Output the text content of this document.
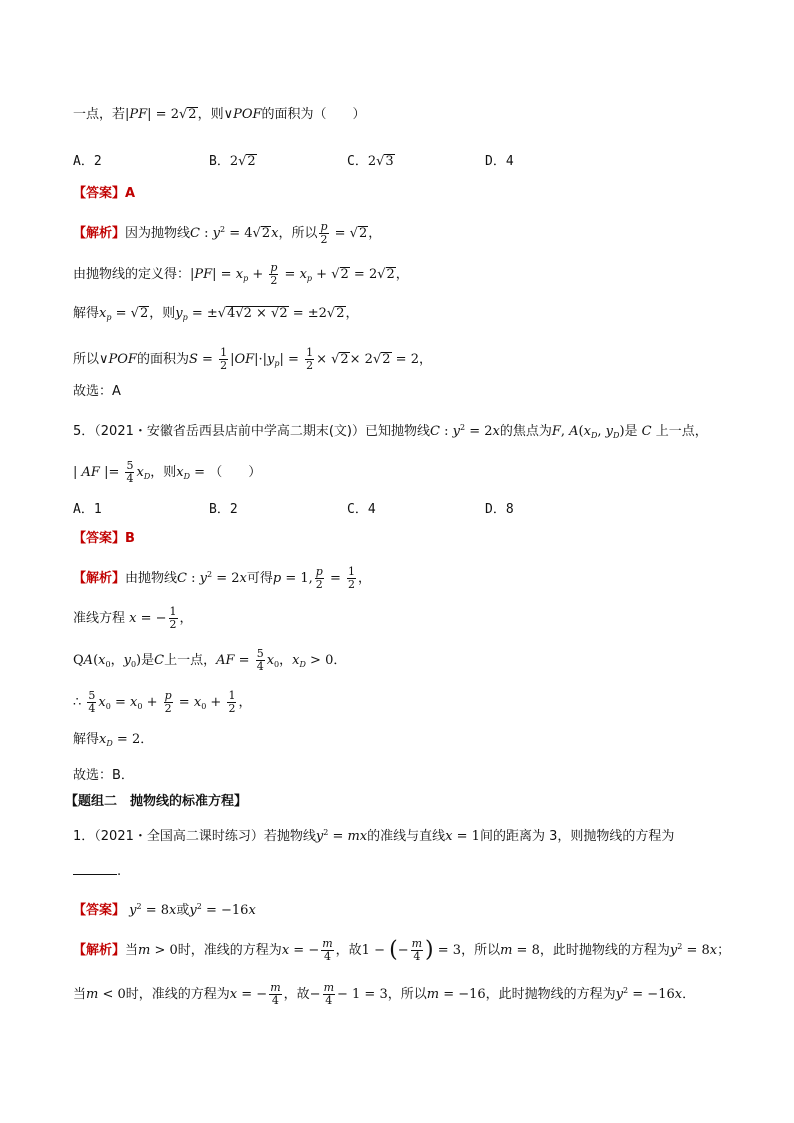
一点，若|PF| = 2√2，则∨POF的面积为（　　）
A．2	B．2√2	C．2√3	D．4
【答案】A
【解析】因为抛物线C : $y^2 = 4√2x$，所以 $\frac{p}{2} = √2$，
由抛物线的定义得：$|PF| = x_p + \frac{p}{2} = x_p + √2 = 2√2$，
解得$x_p = √2$，则$y_p = \pm√4√2 \times √2 = \pm 2√2$，
所以∨POF的面积为$S = \frac{1}{2} |OF|\cdot|y_p| = \frac{1}{2} \times √2\times 2√2 = 2$，
故选：A
5．（2021・安徽省岳西县店前中学高二期末(文)）已知抛物线C : $y^2 = 2x$的焦点为F, $A(x_D$, $y_D$)是 C 上一点，
| AF |= $\frac{5}{4} x_D$，则$x_D$ = （　　）
A．1	B．2	C．4	D．8
【答案】B
【解析】由抛物线C : $y^2 = 2x$可得p = 1, $\frac{p}{2} = \frac{1}{2}$ ，
准线方程 x = − $\frac{1}{2}$ ，
$QA(x_0$，$y_0$)是C上一点，AF = $\frac{5}{4} x_0$，$x_D > 0$．
∴ $\frac{5}{4} x_0 = x_0 + \frac{p}{2} = x_0 + \frac{1}{2}$ ，
解得$x_D = 2$．
故选：B．
【题组二　抛物线的标准方程】
1．（2021・全国高二课时练习）若抛物线$y^2$ = mx的准线与直线x = 1间的距离为 3，则抛物线的方程为
.
【答案】 $y^2 = 8x$或$y^2 = -16x$
【解析】当m > 0时，准线的方程为x = − $\frac{m}{4}$ ，故1 − (− $\frac{m}{4}$ ) = 3，所以m = 8，此时抛物线的方程为$y^2 = 8x$；
当m < 0时，准线的方程为x = − $\frac{m}{4}$ ，故− $\frac{m}{4} - 1 = 3$，所以m = −16，此时抛物线的方程为$y^2 = -16x$．
